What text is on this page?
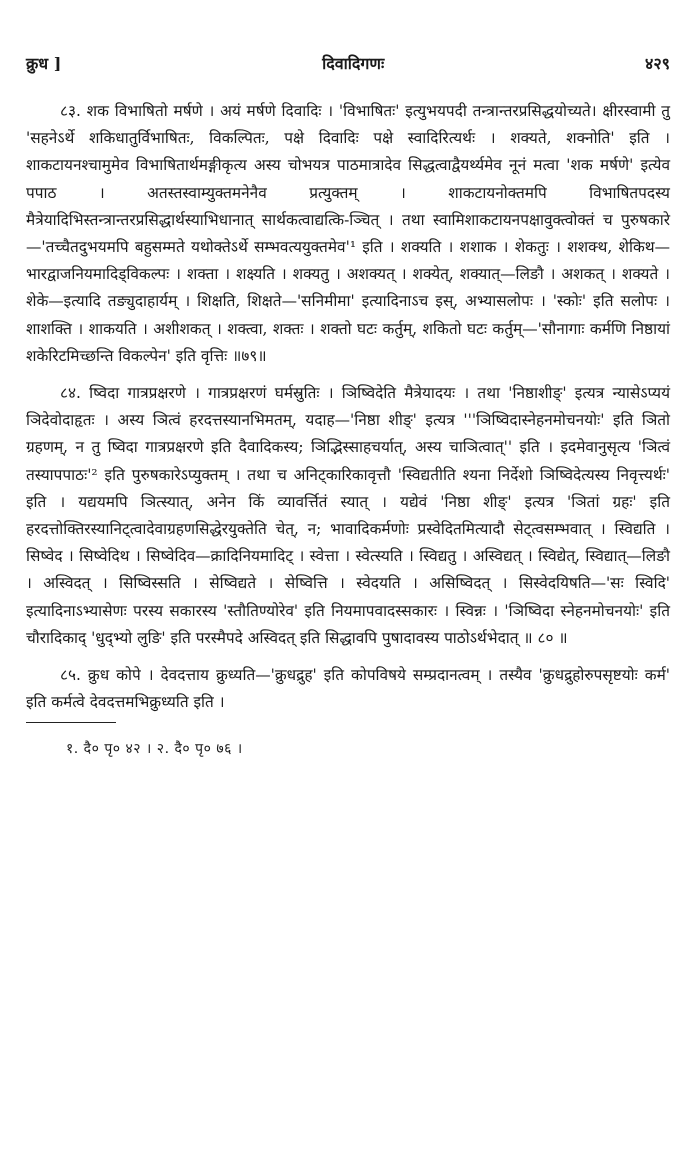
क्रुध ]	दिवादिगणः	४२९

८३. शक विभाषितो मर्षणे । अयं मर्षणे दिवादिः । 'विभाषितः' इत्युभयपदी तन्त्रान्तरप्रसिद्धयोच्यते। क्षीरस्वामी तु 'सहनेऽर्थे शकिधातुर्विभाषितः, विकल्पितः, पक्षे दिवादिः पक्षे स्वादिरित्यर्थः । शक्यते, शक्नोति' इति । शाकटायनश्चामुमेव विभाषितार्थमङ्गीकृत्य अस्य चोभयत्र पाठमात्रादेव सिद्धत्वाद्वैयर्थ्यमेव नूनं मत्वा 'शक मर्षणे' इत्येव पपाठ । अतस्तस्वाम्युक्तमनेनैव प्रत्युक्तम् । शाकटायनोक्तमपि विभाषितपदस्य मैत्रेयादिभिस्तन्त्रान्तरप्रसिद्धार्थस्याभिधानात् सार्थकत्वाद्यत्कि-ञ्चित् । तथा स्वामिशाकटायनपक्षावुक्त्वोक्तं च पुरुषकारे—'तच्चैतदुभयमपि बहुसम्मते यथोक्तेऽर्थे सम्भवत्ययुक्तमेव'¹ इति । शक्यति । शशाक । शेकतुः । शशक्थ, शेकिथ—भारद्वाजनियमादिड्विकल्पः । शक्ता । शक्ष्यति । शक्यतु । अशक्यत् । शक्येत्, शक्यात्—लिङौ । अशकत् । शक्यते । शेके—इत्यादि तङ्युदाहार्यम् । शिक्षति, शिक्षते—'सनिमीमा' इत्यादिनाऽच इस्, अभ्यासलोपः । 'स्कोः' इति सलोपः । शाशक्ति । शाकयति । अशीशकत् । शक्त्वा, शक्तः । शक्तो घटः कर्तुम्, शकितो घटः कर्तुम्—'सौनागाः कर्मणि निष्ठायां शकेरिटमिच्छन्ति विकल्पेन' इति वृत्तिः ॥७९॥

८४. ष्विदा गात्रप्रक्षरणे । गात्रप्रक्षरणं घर्मस्रुतिः । ञिष्विदेति मैत्रेयादयः । तथा 'निष्ठाशीङ्' इत्यत्र न्यासेऽप्ययं ञिदेवोदाहृतः । अस्य ञित्वं हरदत्तस्यानभिमतम्, यदाह—'निष्ठा शीङ्' इत्यत्र '''ञिष्विदास्नेहनमोचनयोः' इति ञितो ग्रहणम्, न तु ष्विदा गात्रप्रक्षरणे इति दैवादिकस्य; ञिद्भिस्साहचर्यात्, अस्य चाञित्वात्'' इति । इदमेवानुसृत्य 'ञित्वं तस्यापपाठः'² इति पुरुषकारेऽप्युक्तम् । तथा च अनिट्कारिकावृत्तौ 'स्विद्यतीति श्यना निर्देशो ञिष्विदेत्यस्य निवृत्त्यर्थः' इति । यद्ययमपि ञित्स्यात्, अनेन किं व्यावर्त्तितं स्यात् । यद्येवं 'निष्ठा शीङ्' इत्यत्र 'ञितां ग्रहः' इति हरदत्तोक्तिरस्यानिट्त्वादेवाग्रहणसिद्धेरयुक्तेति चेत्, न; भावादिकर्मणोः प्रस्वेदितमित्यादौ सेट्त्वसम्भवात् । स्विद्यति । सिष्वेद । सिष्वेदिथ । सिष्वेदिव—क्रादिनियमादिट् । स्वेत्ता । स्वेत्स्यति । स्विद्यतु । अस्विद्यत् । स्विद्येत्, स्विद्यात्—लिङौ । अस्विदत् । सिष्विस्सति । सेष्विद्यते । सेष्वित्ति । स्वेदयति । असिष्विदत् । सिस्वेदयिषति—'सः स्विदि' इत्यादिनाऽभ्यासेणः परस्य सकारस्य 'स्तौतिण्योरेव' इति नियमापवादस्सकारः । स्विन्नः । 'ञिष्विदा स्नेहनमोचनयोः' इति चौरादिकाद् 'धुद्भ्यो लुङि' इति परस्मैपदे अस्विदत् इति सिद्धावपि पुषादावस्य पाठोऽर्थभेदात् ॥ ८० ॥

८५. क्रुध कोपे । देवदत्ताय क्रुध्यति—'क्रुधद्रुह' इति कोपविषये सम्प्रदानत्वम् । तस्यैव 'क्रुधद्रुहोरुपसृष्टयोः कर्म' इति कर्मत्वे देवदत्तमभिक्रुध्यति इति ।

१. दै० पृ० ४२ । २. दै० पृ० ७६ ।
